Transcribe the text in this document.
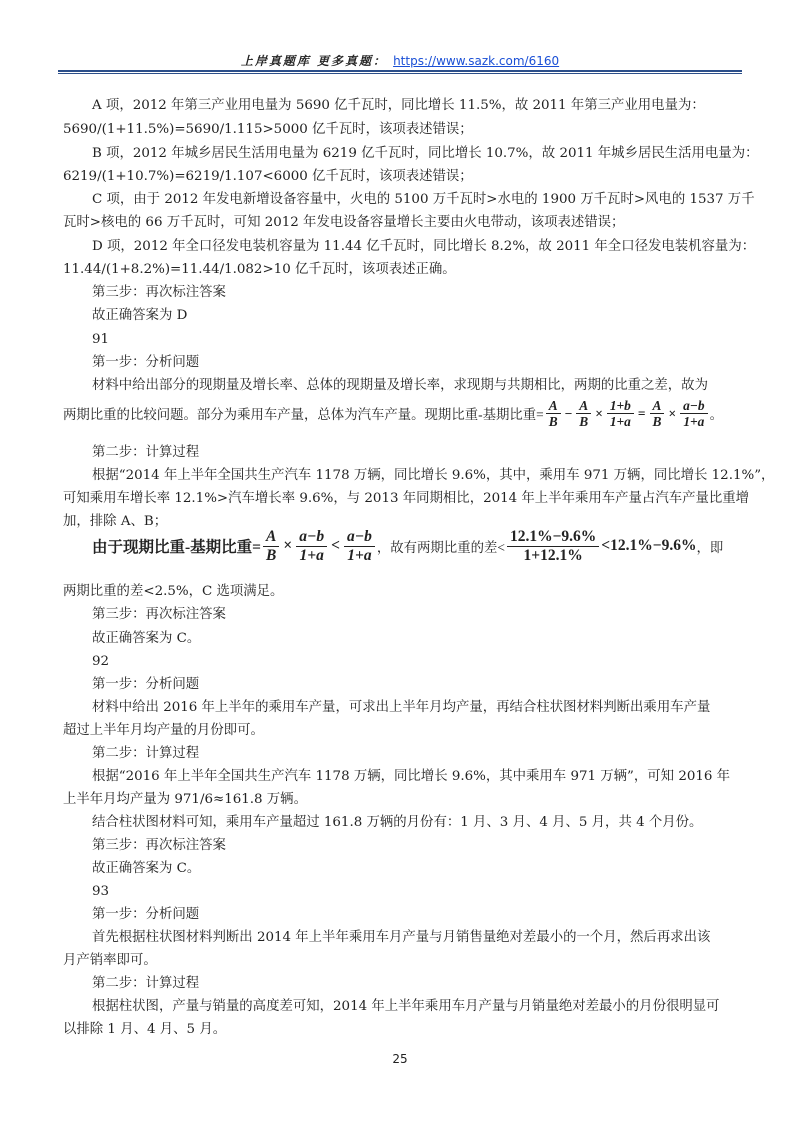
上岸真题库 更多真题： https://www.sazk.com/6160
A 项，2012 年第三产业用电量为 5690 亿千瓦时，同比增长 11.5%，故 2011 年第三产业用电量为：
5690/(1+11.5%)=5690/1.115>5000 亿千瓦时，该项表述错误；
B 项，2012 年城乡居民生活用电量为 6219 亿千瓦时，同比增长 10.7%，故 2011 年城乡居民生活用电量为：
6219/(1+10.7%)=6219/1.107<6000 亿千瓦时，该项表述错误；
C 项，由于 2012 年发电新增设备容量中，火电的 5100 万千瓦时>水电的 1900 万千瓦时>风电的 1537 万千
瓦时>核电的 66 万千瓦时，可知 2012 年发电设备容量增长主要由火电带动，该项表述错误；
D 项，2012 年全口径发电装机容量为 11.44 亿千瓦时，同比增长 8.2%，故 2011 年全口径发电装机容量为：
11.44/(1+8.2%)=11.44/1.082>10 亿千瓦时，该项表述正确。
第三步：再次标注答案
故正确答案为 D
91
第一步：分析问题
材料中给出部分的现期量及增长率、总体的现期量及增长率，求现期与共期相比，两期的比重之差，故为
两期比重的比较问题。部分为乘用车产量，总体为汽车产量。现期比重-基期比重= $\frac{A}{B} - \frac{A}{B} \times \frac{1+b}{1+a} = \frac{A}{B} \times \frac{a-b}{1+a}$ 。
第二步：计算过程
根据“2014 年上半年全国共生产汽车 1178 万辆，同比增长 9.6%，其中，乘用车 971 万辆，同比增长 12.1%”，
可知乘用车增长率 12.1%>汽车增长率 9.6%，与 2013 年同期相比，2014 年上半年乘用车产量占汽车产量比重增
加，排除 A、B；
由于 现期比重-基期比重= $\frac{A}{B} \times \frac{a-b}{1+a} < \frac{a-b}{1+a}$ ，故有两期比重的差< $\frac{12.1\%-9.6\%}{1+12.1\%} <12.1\%-9.6\%$ ，即
两期比重的差<2.5%，C 选项满足。
第三步：再次标注答案
故正确答案为 C。
92
第一步：分析问题
材料中给出 2016 年上半年的乘用车产量，可求出上半年月均产量，再结合柱状图材料判断出乘用车产量
超过上半年月均产量的月份即可。
第二步：计算过程
根据“2016 年上半年全国共生产汽车 1178 万辆，同比增长 9.6%，其中乘用车 971 万辆”，可知 2016 年
上半年月均产量为 971/6≈161.8 万辆。
结合柱状图材料可知，乘用车产量超过 161.8 万辆的月份有：1 月、3 月、4 月、5 月，共 4 个月份。
第三步：再次标注答案
故正确答案为 C。
93
第一步：分析问题
首先根据柱状图材料判断出 2014 年上半年乘用车月产量与月销售量绝对差最小的一个月，然后再求出该
月产销率即可。
第二步：计算过程
根据柱状图，产量与销量的高度差可知，2014 年上半年乘用车月产量与月销量绝对差最小的月份很明显可
以排除 1 月、4 月、5 月。
25
